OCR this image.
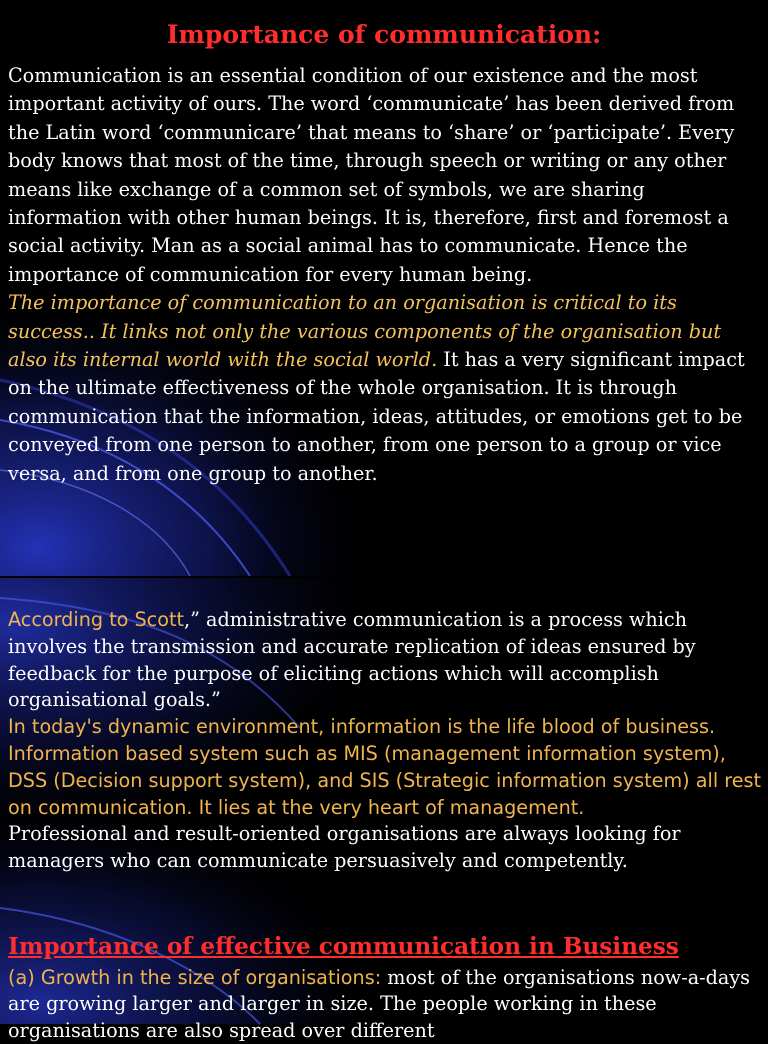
Importance of communication:
Communication is an essential condition of our existence and the most important activity of ours. The word ‘communicate’ has been derived from the Latin word ‘communicare’ that means to ‘share’ or ‘participate’. Every body knows that most of the time, through speech or writing or any other means like exchange of a common set of symbols, we are sharing information with other human beings. It is, therefore, first and foremost a social activity. Man as a social animal has to communicate. Hence the importance of communication for every human being.
The importance of communication to an organisation is critical to its success.. It links not only the various components of the organisation but also its internal world with the social world. It has a very significant impact on the ultimate effectiveness of the whole organisation. It is through communication that the information, ideas, attitudes, or emotions get to be conveyed from one person to another, from one person to a group or vice versa, and from one group to another.

According to Scott,” administrative communication is a process which involves the transmission and accurate replication of ideas ensured by feedback for the purpose of eliciting actions which will accomplish organisational goals.”

In today's dynamic environment, information is the life blood of business. Information based system such as MIS (management information system), DSS (Decision support system), and SIS (Strategic information system) all rest on communication. It lies at the very heart of management.

Professional and result-oriented organisations are always looking for managers who can communicate persuasively and competently.

Importance of effective communication in Business

(a) Growth in the size of organisations: most of the organisations now-a-days are growing larger and larger in size. The people working in these organisations are also spread over different
